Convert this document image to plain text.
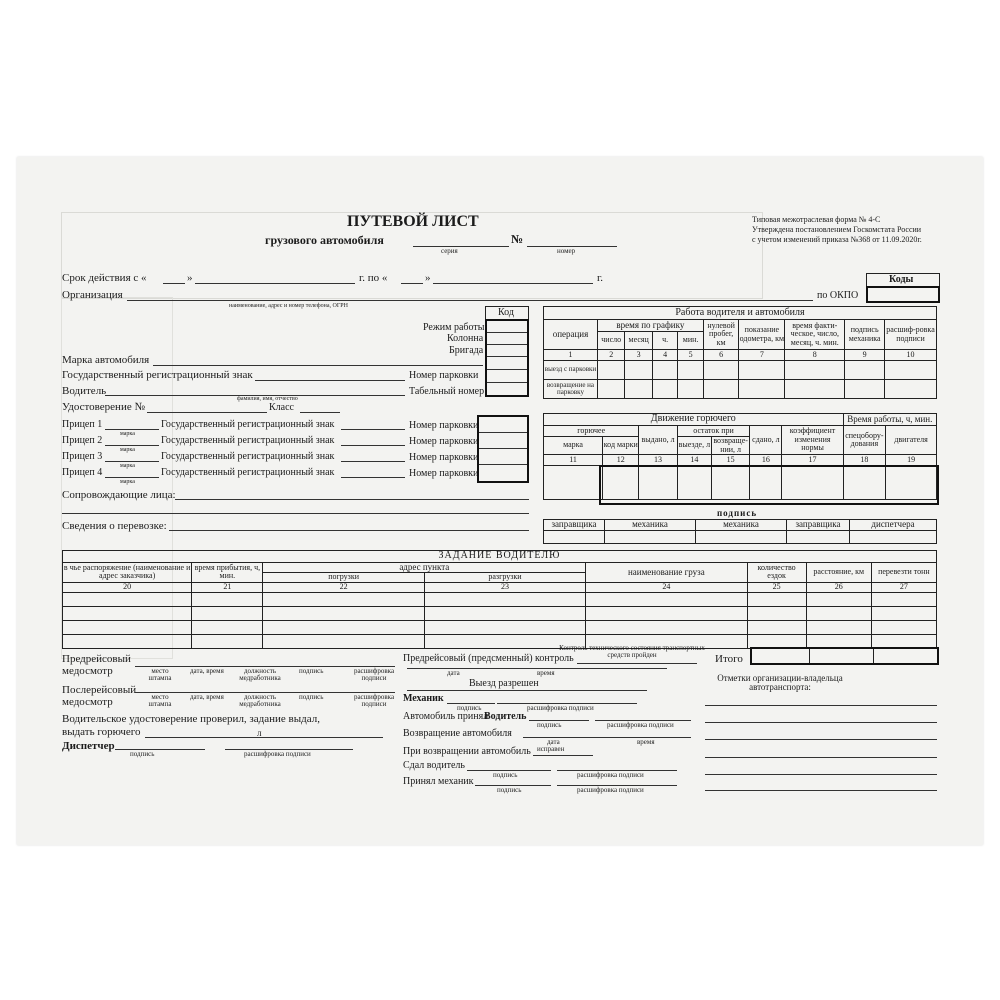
ПУТЕВОЙ ЛИСТ
грузового автомобиля
серия
№
номер
Типовая межотраслевая форма № 4-С
Утверждена постановлением Госкомстата России
с учетом изменений приказа №368 от 11.09.2020г.
Срок действия с «	»	г. по «	»	г.	Коды
по ОКПО
Организация
наименование, адрес и номер телефона, ОГРН
Режим работы
Колонна
Бригада
Код
Марка автомобиля
Государственный регистрационный знак	Номер парковки
Водитель
фамилия, имя, отчество
Табельный номер
Удостоверение №	Класс
Прицеп 1
марка
Государственный регистрационный знак	Номер парковки
Прицеп 2
марка
Государственный регистрационный знак	Номер парковки
Прицеп 3
марка
Государственный регистрационный знак	Номер парковки
Прицеп 4
марка
Государственный регистрационный знак	Номер парковки
Сопровождающие лица:
Сведения о перевозке:
Работа водителя и автомобиля									
операция	время по графику				нулевой пробег, км	показание одометра, км	время факти-ческое, число, месяц, ч. мин.	подпись механика	расшиф-ровка подписи
	число	месяц	ч.	мин.					
1	2	3	4	5	6	7	8	9	10
выезд с парковки									
возвращение на парковку									
Движение горючего							Время работы, ч, мин.	
горючее		выдано, л	остаток при		сдано, л	коэффициент изменения нормы	спецобору-дования	двигателя
марка	код марки		выезде, л	возвраще-нии, л				
11	12	13	14	15	16	17	18	19

подпись
заправщика	механика	механика	заправщика	диспетчера

ЗАДАНИЕ ВОДИТЕЛЮ							
в чье распоряжение (наименование и адрес заказчика)	время прибытия, ч, мин.	адрес пункта		наименование груза	количество ездок	расстояние, км	перевезти тонн
		погрузки	разгрузки				
20	21	22	23	24	25	26	27

Итого
Предрейсовый
медосмотр	место штампа
дата, время	должность медработника
подпись	расшифровка подписи
Послерейсовый
медосмотр	место штампа
дата, время	должность медработника
подпись	расшифровка подписи
Водительское удостоверение проверил, задание выдал,
выдать горючего	л
Диспетчер
подпись	расшифровка подписи
Предрейсовый (предсменный) контроль
Контроль технического состояния транспортных средств пройден
дата	время
Выезд разрешен
Механик
подпись	расшифровка подписи
Автомобиль принял
Водитель
подпись	расшифровка подписи
Возвращение автомобиля
дата	время
При возвращении автомобиль исправен
Сдал водитель
подпись	расшифровка подписи
Принял механик
подпись	расшифровка подписи
Отметки организации-владельца автотранспорта:
